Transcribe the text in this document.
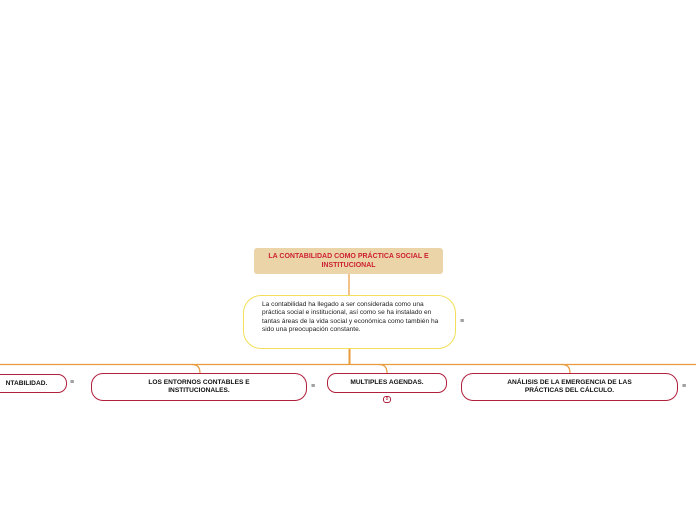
LA CONTABILIDAD COMO PRÁCTICA SOCIAL E INSTITUCIONAL
La contabilidad ha llegado a ser considerada como una práctica social e institucional, así como se ha instalado en tantas áreas de la vida social y económica como también ha sido una preocupación constante.
≡
NTABILIDAD.	≡	LOS ENTORNOS CONTABLES E INSTITUCIONALES.
≡
MULTIPLES AGENDAS.
8
ANÁLISIS DE LA EMERGENCIA DE LAS PRÁCTICAS DEL CÁLCULO.
≡
